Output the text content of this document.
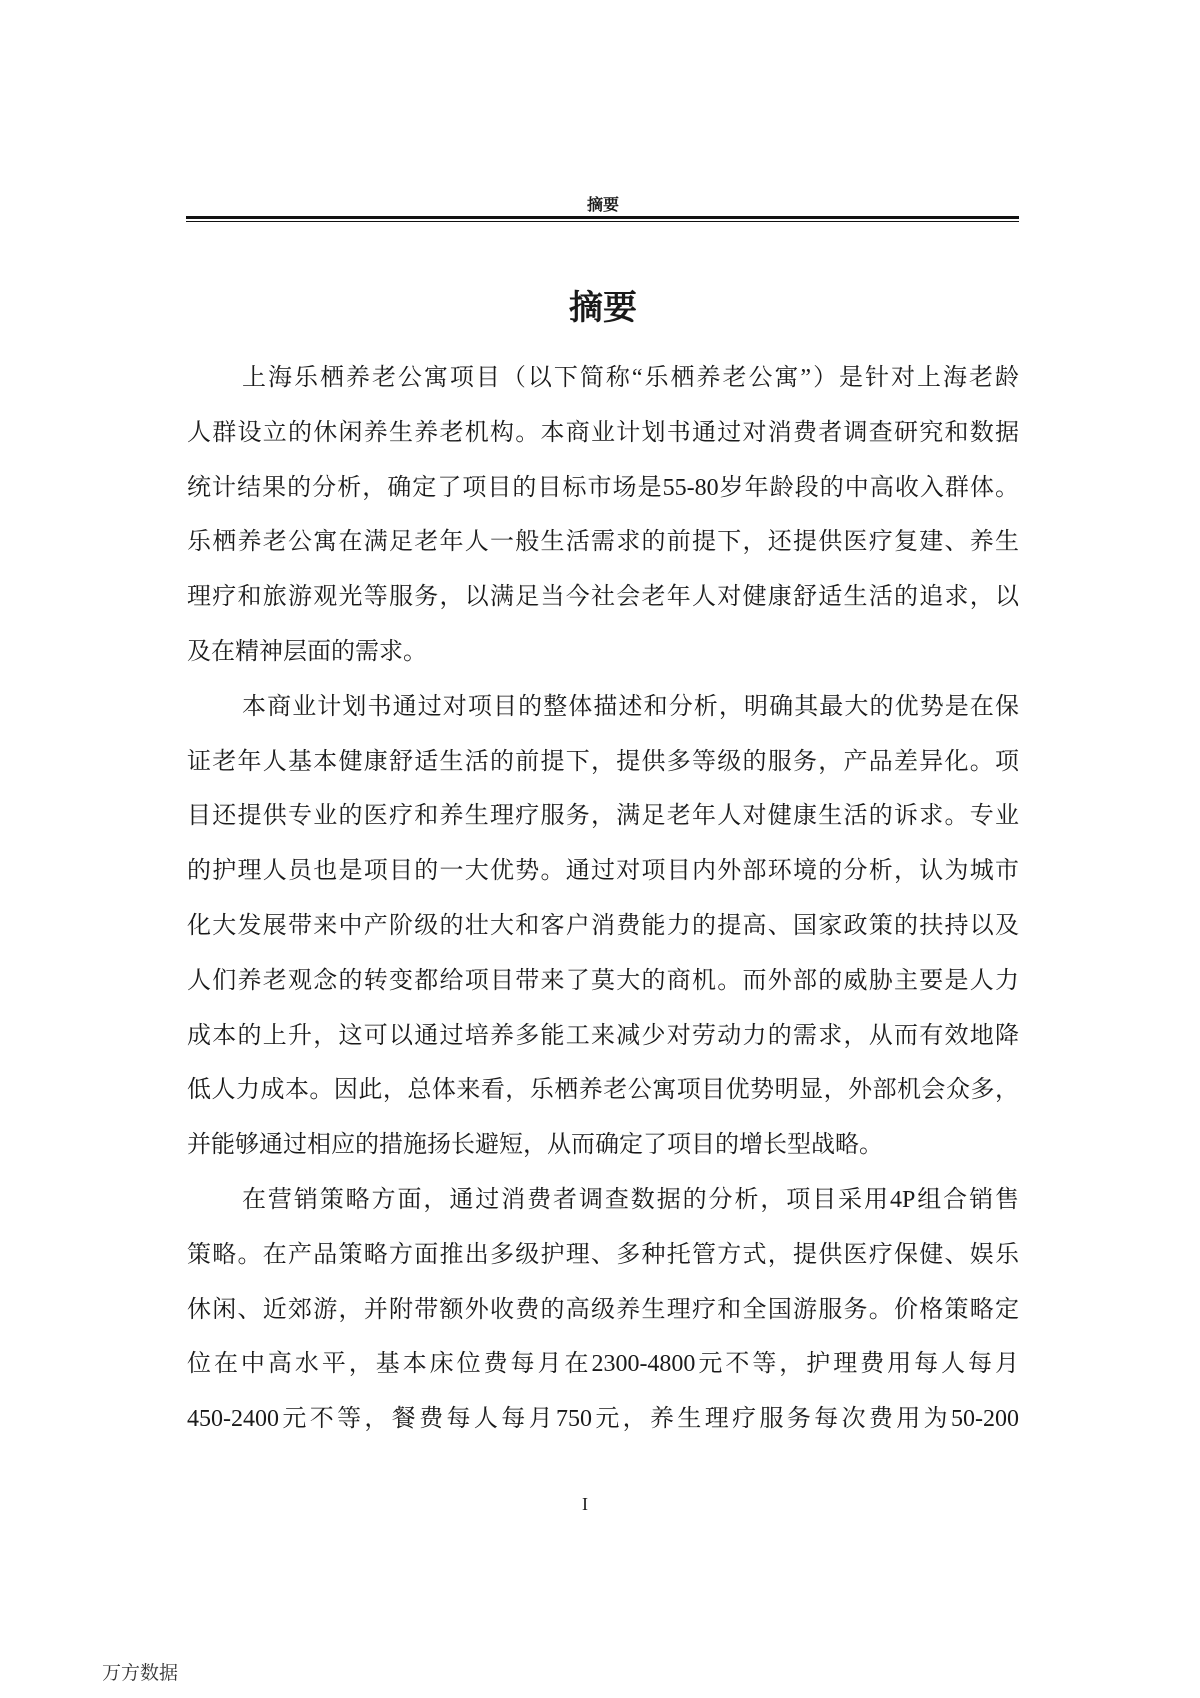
摘要
摘要
上海乐栖养老公寓项目（以下简称“乐栖养老公寓”）是针对上海老龄
人群设立的休闲养生养老机构。本商业计划书通过对消费者调查研究和数据
统计结果的分析，确定了项目的目标市场是55-80岁年龄段的中高收入群体。
乐栖养老公寓在满足老年人一般生活需求的前提下，还提供医疗复建、养生
理疗和旅游观光等服务，以满足当今社会老年人对健康舒适生活的追求，以
及在精神层面的需求。
本商业计划书通过对项目的整体描述和分析，明确其最大的优势是在保
证老年人基本健康舒适生活的前提下，提供多等级的服务，产品差异化。项
目还提供专业的医疗和养生理疗服务，满足老年人对健康生活的诉求。专业
的护理人员也是项目的一大优势。通过对项目内外部环境的分析，认为城市
化大发展带来中产阶级的壮大和客户消费能力的提高、国家政策的扶持以及
人们养老观念的转变都给项目带来了莫大的商机。而外部的威胁主要是人力
成本的上升，这可以通过培养多能工来减少对劳动力的需求，从而有效地降
低人力成本。因此，总体来看，乐栖养老公寓项目优势明显，外部机会众多，
并能够通过相应的措施扬长避短，从而确定了项目的增长型战略。
在营销策略方面，通过消费者调查数据的分析，项目采用4P组合销售
策略。在产品策略方面推出多级护理、多种托管方式，提供医疗保健、娱乐
休闲、近郊游，并附带额外收费的高级养生理疗和全国游服务。价格策略定
位在中高水平，基本床位费每月在2300-4800元不等，护理费用每人每月
450-2400元不等，餐费每人每月750元，养生理疗服务每次费用为50-200
I
万方数据
